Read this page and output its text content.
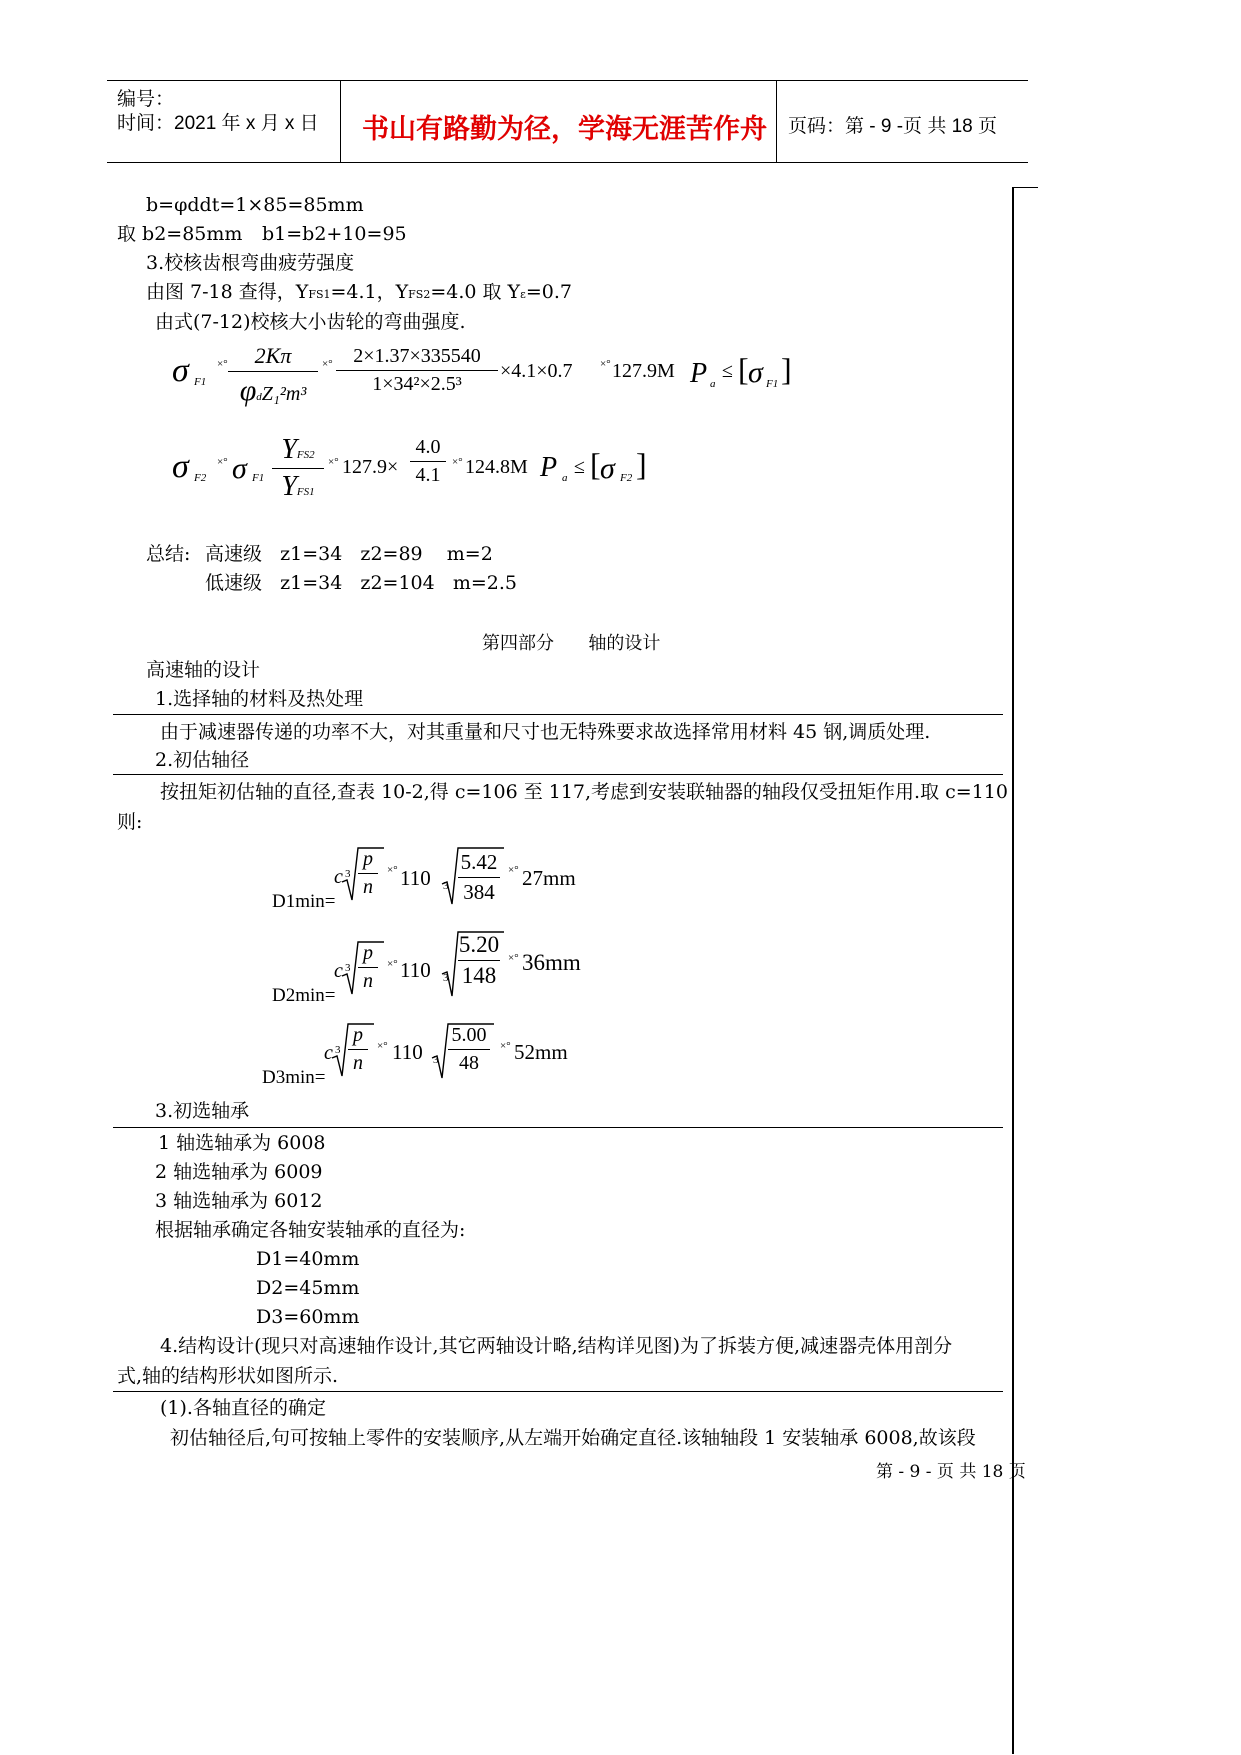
编号：
时间：2021 年 x 月 x 日 书山有路勤为径，学海无涯苦作舟 页码：第 - 9 -页 共 18 页
b=φddt=1×85=85mm
取 b2=85mm b1=b2+10=95
3.校核齿根弯曲疲劳强度
由图 7-18 查得，YFS1=4.1，YFS2=4.0 取 Yε=0.7
由式(7-12)校核大小齿轮的弯曲强度.
σ F1
×°	2Kπ
φdZ₁²m³
×°	2×1.37×335540
1×34²×2.5³
×4.1×0.7 ×° 127.9M P a
≤ [ σ F1 ]
σ F2
×° σ F1
YFS2
YFS1
×° 127.9×
4.0
4.1
×° 124.8M P a ≤ [ σ F2 ]
总结: 高速级   z1=34   z2=89    m=2
低速级   z1=34   z2=104   m=2.5
第四部分      轴的设计
高速轴的设计
1.选择轴的材料及热处理
由于减速器传递的功率不大，对其重量和尺寸也无特殊要求故选择常用材料 45 钢,调质处理.
2.初估轴径
按扭矩初估轴的直径,查表 10-2,得 c=106 至 117,考虑到安装联轴器的轴段仅受扭矩作用.取 c=110
则:
D1min=
c 3
p
n
×° 110 3
5.42
384
×° 27mm
D2min=
c 3
p
n
×° 110 3
5.20
148
×° 36mm
D3min=
c 3
p
n
×° 110 3
5.00
48
×° 52mm
3.初选轴承
1 轴选轴承为 6008
2 轴选轴承为 6009
3 轴选轴承为 6012
根据轴承确定各轴安装轴承的直径为:
D1=40mm
D2=45mm
D3=60mm
4.结构设计(现只对高速轴作设计,其它两轴设计略,结构详见图)为了拆装方便,减速器壳体用剖分
式,轴的结构形状如图所示.
(1).各轴直径的确定
初估轴径后,句可按轴上零件的安装顺序,从左端开始确定直径.该轴轴段 1 安装轴承 6008,故该段
第 - 9 - 页 共 18 页
